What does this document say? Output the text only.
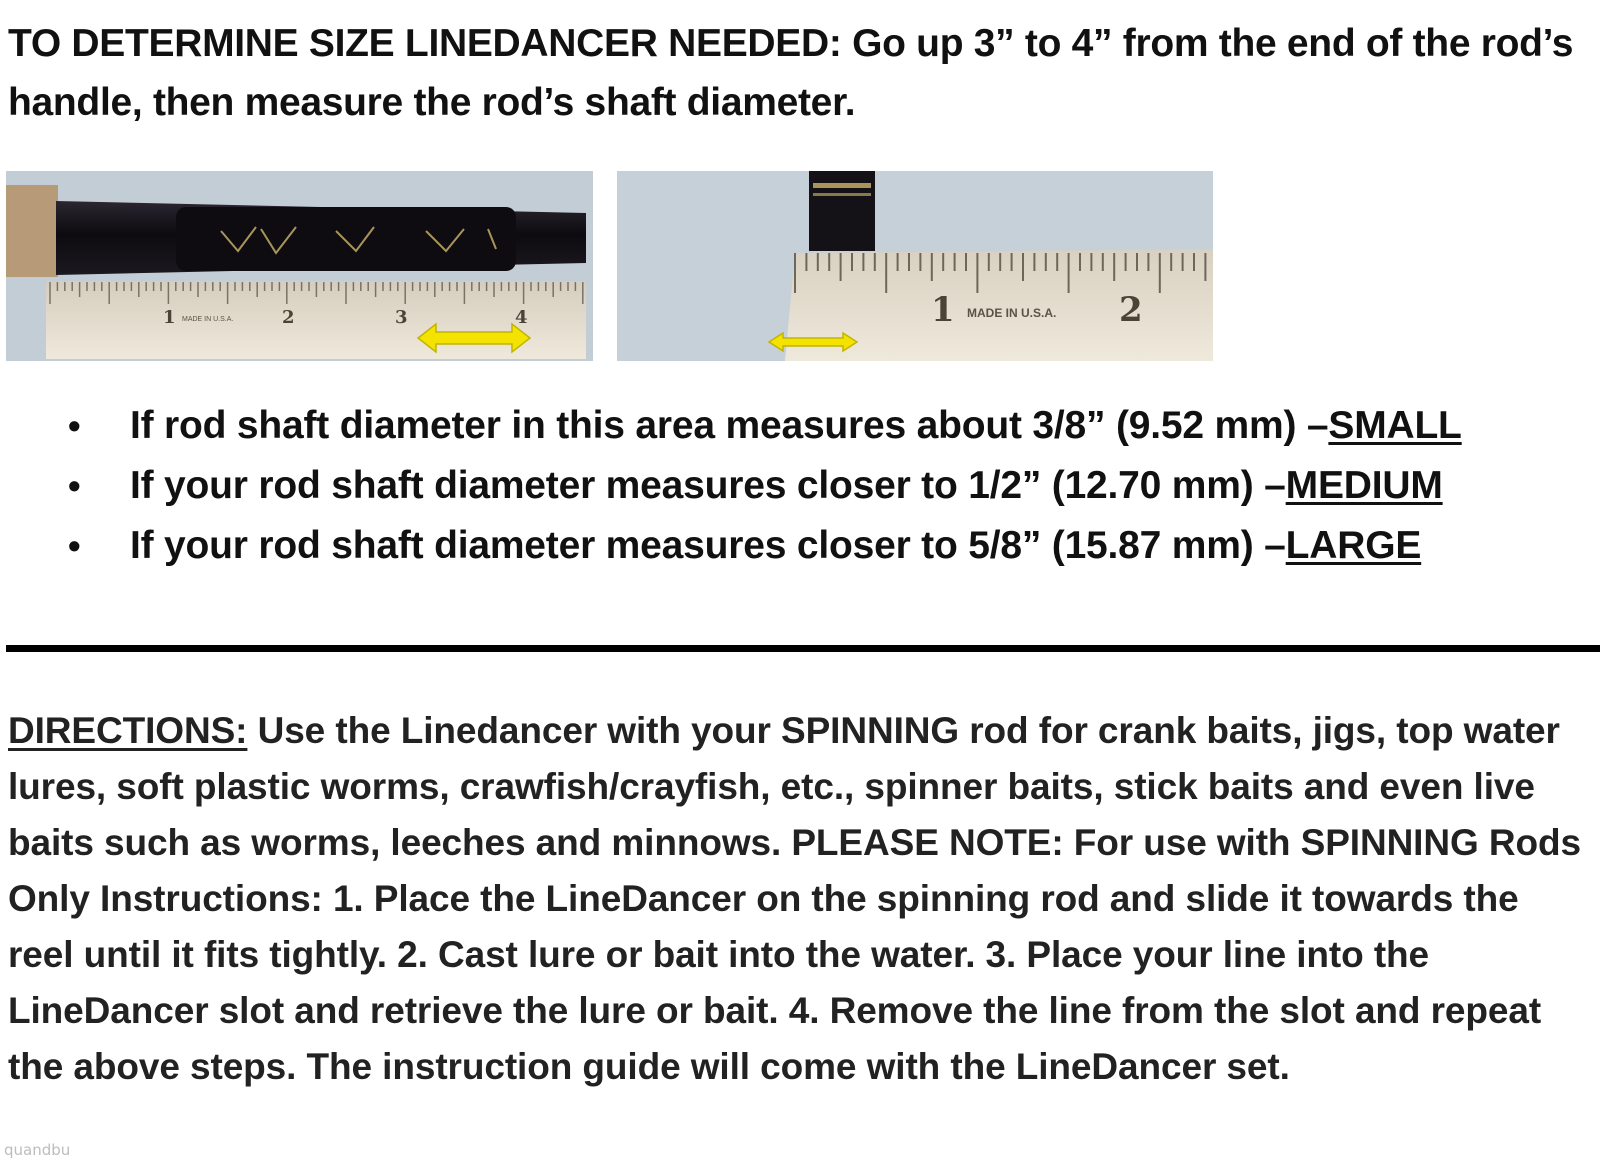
TO DETERMINE SIZE LINEDANCER NEEDED: Go up 3” to 4” from the end of the rod’s handle, then measure the rod’s shaft diameter.
1 MADE IN U.S.A.	2	3	4	1 MADE IN U.S.A. 2
• If rod shaft diameter in this area measures about 3/8” (9.52 mm) –SMALL
• If your rod shaft diameter measures closer to 1/2” (12.70 mm) –MEDIUM
• If your rod shaft diameter measures closer to 5/8” (15.87 mm) –LARGE

DIRECTIONS: Use the Linedancer with your SPINNING rod for crank baits, jigs, top water lures, soft plastic worms, crawfish/crayfish, etc., spinner baits, stick baits and even live baits such as worms, leeches and minnows. PLEASE NOTE: For use with SPINNING Rods Only Instructions: 1. Place the LineDancer on the spinning rod and slide it towards the reel until it fits tightly. 2. Cast lure or bait into the water. 3. Place your line into the LineDancer slot and retrieve the lure or bait. 4. Remove the line from the slot and repeat the above steps. The instruction guide will come with the LineDancer set.

quandbu
